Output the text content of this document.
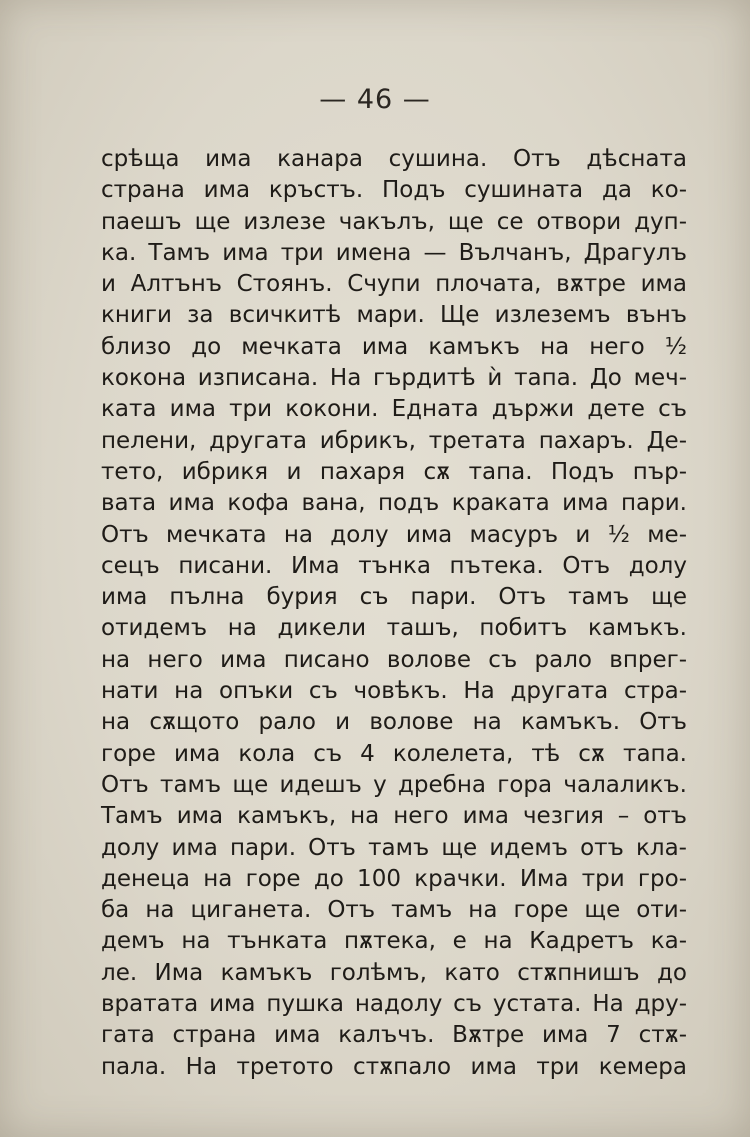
— 46 —
срѣща има канара сушина. Отъ дѣсната
страна има кръстъ. Подъ сушината да ко-
паешъ ще излезе чакълъ, ще се отвори дуп-
ка. Тамъ има три имена — Вълчанъ, Драгулъ
и Алтънъ Стоянъ. Счупи плочата, вѫтре има
книги за всичкитѣ мари. Ще излеземъ вънъ
близо до мечката има камъкъ на него ½
кокона изписана. На гърдитѣ ѝ тапа. До меч-
ката има три кокони. Едната държи дете съ
пелени, другата ибрикъ, третата пахаръ. Де-
тето, ибрикя и пахаря сѫ тапа. Подъ пър-
вата има кофа вана, подъ краката има пари.
Отъ мечката на долу има масуръ и ½ ме-
сецъ писани. Има тънка пътека. Отъ долу
има пълна бурия съ пари. Отъ тамъ ще
отидемъ на дикели ташъ, побитъ камъкъ.
на него има писано волове съ рало впрег-
нати на опъки съ човѣкъ. На другата стра-
на сѫщото рало и волове на камъкъ. Отъ
горе има кола съ 4 колелета, тѣ сѫ тапа.
Отъ тамъ ще идешъ у дребна гора чалаликъ.
Тамъ има камъкъ, на него има чезгия – отъ
долу има пари. Отъ тамъ ще идемъ отъ кла-
денеца на горе до 100 крачки. Има три гро-
ба на циганета. Отъ тамъ на горе ще оти-
демъ на тънката пѫтека, е на Кадретъ ка-
ле. Има камъкъ голѣмъ, като стѫпнишъ до
вратата има пушка надолу съ устата. На дру-
гата страна има калъчъ. Вѫтре има 7 стѫ-
пала. На третото стѫпало има три кемера
